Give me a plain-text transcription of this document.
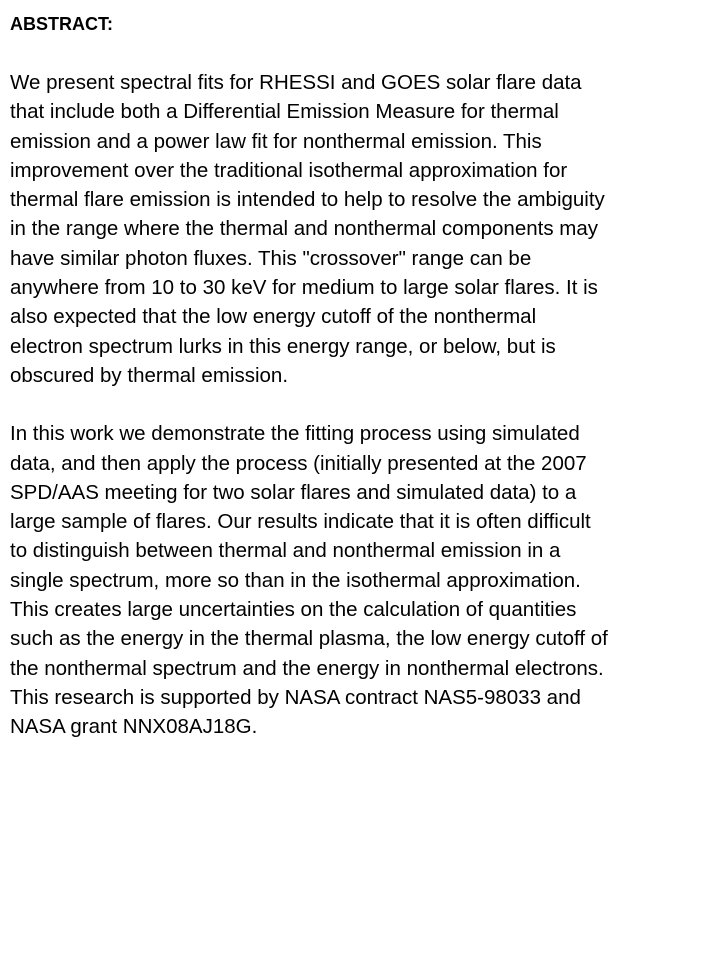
ABSTRACT:

We present spectral fits for RHESSI and GOES solar flare data
that include both a Differential Emission Measure for thermal
emission and a power law fit for nonthermal emission. This
improvement over the traditional isothermal approximation for
thermal flare emission is intended to help to resolve the ambiguity
in the range where the thermal and nonthermal components may
have similar photon fluxes. This "crossover" range can be
anywhere from 10 to 30 keV for medium to large solar flares. It is
also expected that the low energy cutoff of the nonthermal
electron spectrum lurks in this energy range, or below, but is
obscured by thermal emission.

In this work we demonstrate the fitting process using simulated
data, and then apply the process (initially presented at the 2007
SPD/AAS meeting for two solar flares and simulated data) to a
large sample of flares. Our results indicate that it is often difficult
to distinguish between thermal and nonthermal emission in a
single spectrum, more so than in the isothermal approximation.
This creates large uncertainties on the calculation of quantities
such as the energy in the thermal plasma, the low energy cutoff of
the nonthermal spectrum and the energy in nonthermal electrons.
This research is supported by NASA contract NAS5-98033 and
NASA grant NNX08AJ18G.
